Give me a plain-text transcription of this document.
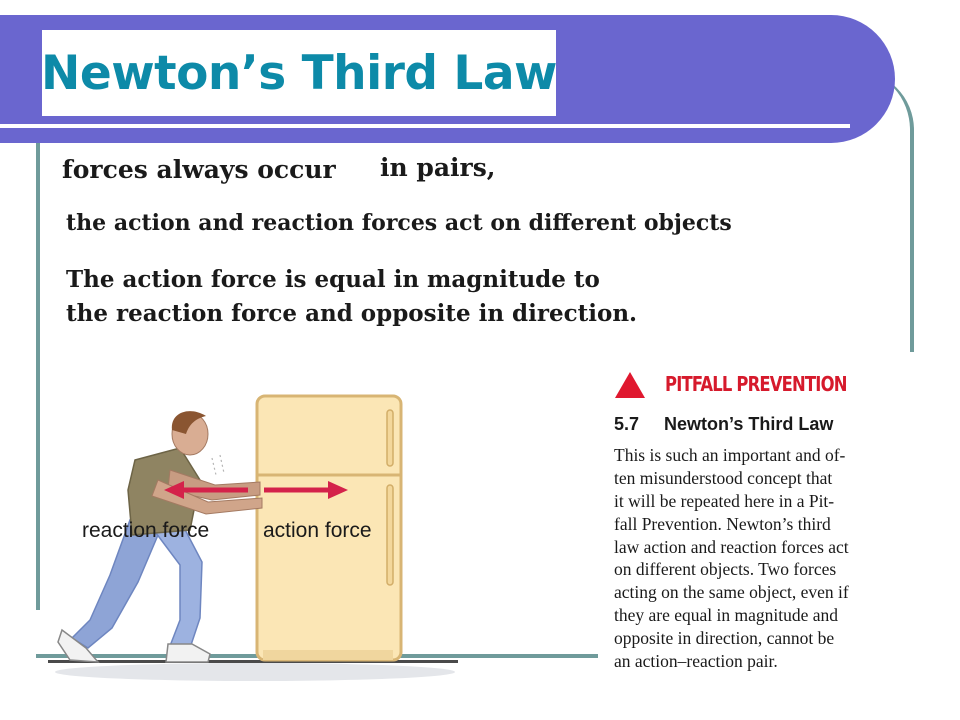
Newton’s Third Law

forces always occur in pairs,

the action and reaction forces act on different objects

The action force is equal in magnitude to

the reaction force and opposite in direction.

reaction force	action force
PITFALL PREVENTION
5.7 Newton’s Third Law
This is such an important and of-
ten misunderstood concept that
it will be repeated here in a Pit-
fall Prevention. Newton’s third
law action and reaction forces act
on different objects. Two forces
acting on the same object, even if
they are equal in magnitude and
opposite in direction, cannot be
an action–reaction pair.
